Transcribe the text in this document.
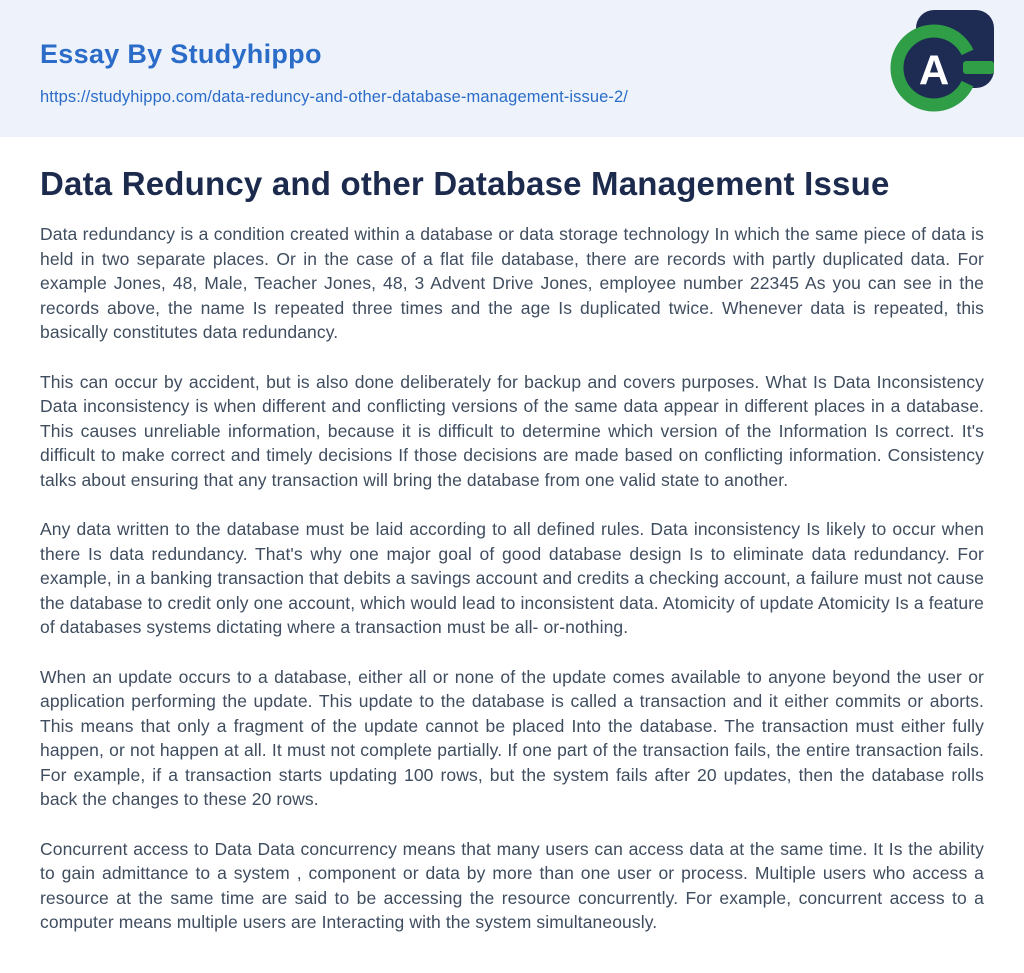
Essay By Studyhippo
https://studyhippo.com/data-reduncy-and-other-database-management-issue-2/
A
Data Reduncy and other Database Management Issue

Data redundancy is a condition created within a database or data storage technology In which the same piece of data is held in two separate places. Or in the case of a flat file database, there are records with partly duplicated data. For example Jones, 48, Male, Teacher Jones, 48, 3 Advent Drive Jones, employee number 22345 As you can see in the records above, the name Is repeated three times and the age Is duplicated twice. Whenever data is repeated, this basically constitutes data redundancy.

This can occur by accident, but is also done deliberately for backup and covers purposes. What Is Data Inconsistency Data inconsistency is when different and conflicting versions of the same data appear in different places in a database. This causes unreliable information, because it is difficult to determine which version of the Information Is correct. It's difficult to make correct and timely decisions If those decisions are made based on conflicting information. Consistency talks about ensuring that any transaction will bring the database from one valid state to another.

Any data written to the database must be laid according to all defined rules. Data inconsistency Is likely to occur when there Is data redundancy. That's why one major goal of good database design Is to eliminate data redundancy. For example, in a banking transaction that debits a savings account and credits a checking account, a failure must not cause the database to credit only one account, which would lead to inconsistent data. Atomicity of update Atomicity Is a feature of databases systems dictating where a transaction must be all- or-nothing.

When an update occurs to a database, either all or none of the update comes available to anyone beyond the user or application performing the update. This update to the database is called a transaction and it either commits or aborts. This means that only a fragment of the update cannot be placed Into the database. The transaction must either fully happen, or not happen at all. It must not complete partially. If one part of the transaction fails, the entire transaction fails. For example, if a transaction starts updating 100 rows, but the system fails after 20 updates, then the database rolls back the changes to these 20 rows.

Concurrent access to Data Data concurrency means that many users can access data at the same time. It Is the ability to gain admittance to a system , component or data by more than one user or process. Multiple users who access a resource at the same time are said to be accessing the resource concurrently. For example, concurrent access to a computer means multiple users are Interacting with the system simultaneously.
